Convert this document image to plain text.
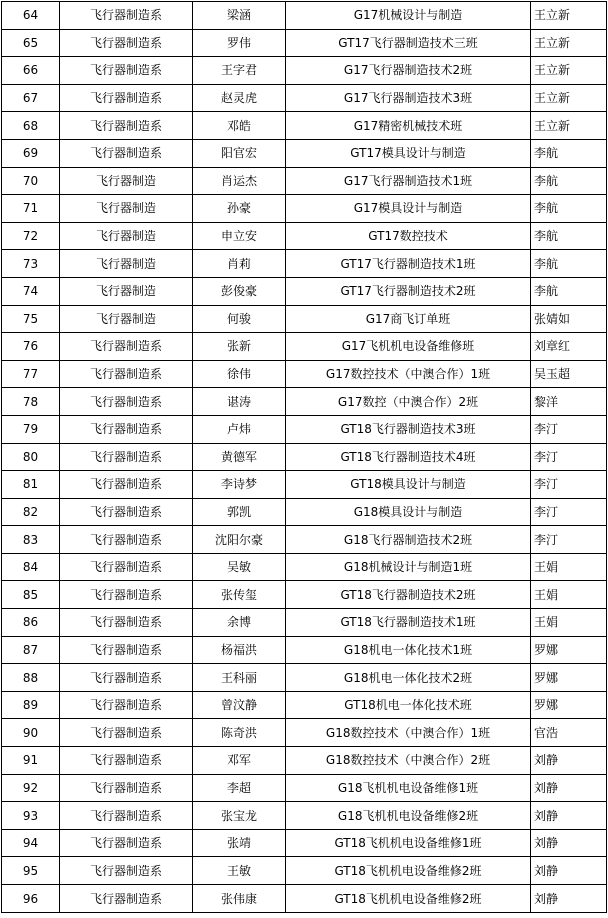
64	飞行器制造系	梁涵	G17机械设计与制造	王立新
65	飞行器制造系	罗伟	GT17飞行器制造技术三班	王立新
66	飞行器制造系	王字君	G17飞行器制造技术2班	王立新
67	飞行器制造系	赵灵虎	G17飞行器制造技术3班	王立新
68	飞行器制造系	邓皓	G17精密机械技术班	王立新
69	飞行器制造系	阳官宏	GT17模具设计与制造	李航
70	飞行器制造	肖运杰	G17飞行器制造技术1班	李航
71	飞行器制造	孙豪	G17模具设计与制造	李航
72	飞行器制造	申立安	GT17数控技术	李航
73	飞行器制造	肖莉	GT17飞行器制造技术1班	李航
74	飞行器制造	彭俊豪	GT17飞行器制造技术2班	李航
75	飞行器制造	何骏	G17商飞订单班	张婧如
76	飞行器制造系	张新	G17飞机机电设备维修班	刘章红
77	飞行器制造系	徐伟	G17数控技术（中澳合作）1班	吴玉超
78	飞行器制造系	谌涛	G17数控（中澳合作）2班	黎洋
79	飞行器制造系	卢炜	GT18飞行器制造技术3班	李汀
80	飞行器制造系	黄德军	GT18飞行器制造技术4班	李汀
81	飞行器制造系	李诗梦	GT18模具设计与制造	李汀
82	飞行器制造系	郭凯	G18模具设计与制造	李汀
83	飞行器制造系	沈阳尔豪	G18飞行器制造技术2班	李汀
84	飞行器制造系	吴敏	G18机械设计与制造1班	王娟
85	飞行器制造系	张传玺	GT18飞行器制造技术2班	王娟
86	飞行器制造系	余博	GT18飞行器制造技术1班	王娟
87	飞行器制造系	杨福洪	G18机电一体化技术1班	罗娜
88	飞行器制造系	王科丽	G18机电一体化技术2班	罗娜
89	飞行器制造系	曾汶静	GT18机电一体化技术班	罗娜
90	飞行器制造系	陈奇洪	G18数控技术（中澳合作）1班	官浩
91	飞行器制造系	邓军	G18数控技术（中澳合作）2班	刘静
92	飞行器制造系	李超	G18飞机机电设备维修1班	刘静
93	飞行器制造系	张宝龙	G18飞机机电设备维修2班	刘静
94	飞行器制造系	张靖	GT18飞机机电设备维修1班	刘静
95	飞行器制造系	王敏	GT18飞机机电设备维修2班	刘静
96	飞行器制造系	张伟康	GT18飞机机电设备维修2班	刘静
